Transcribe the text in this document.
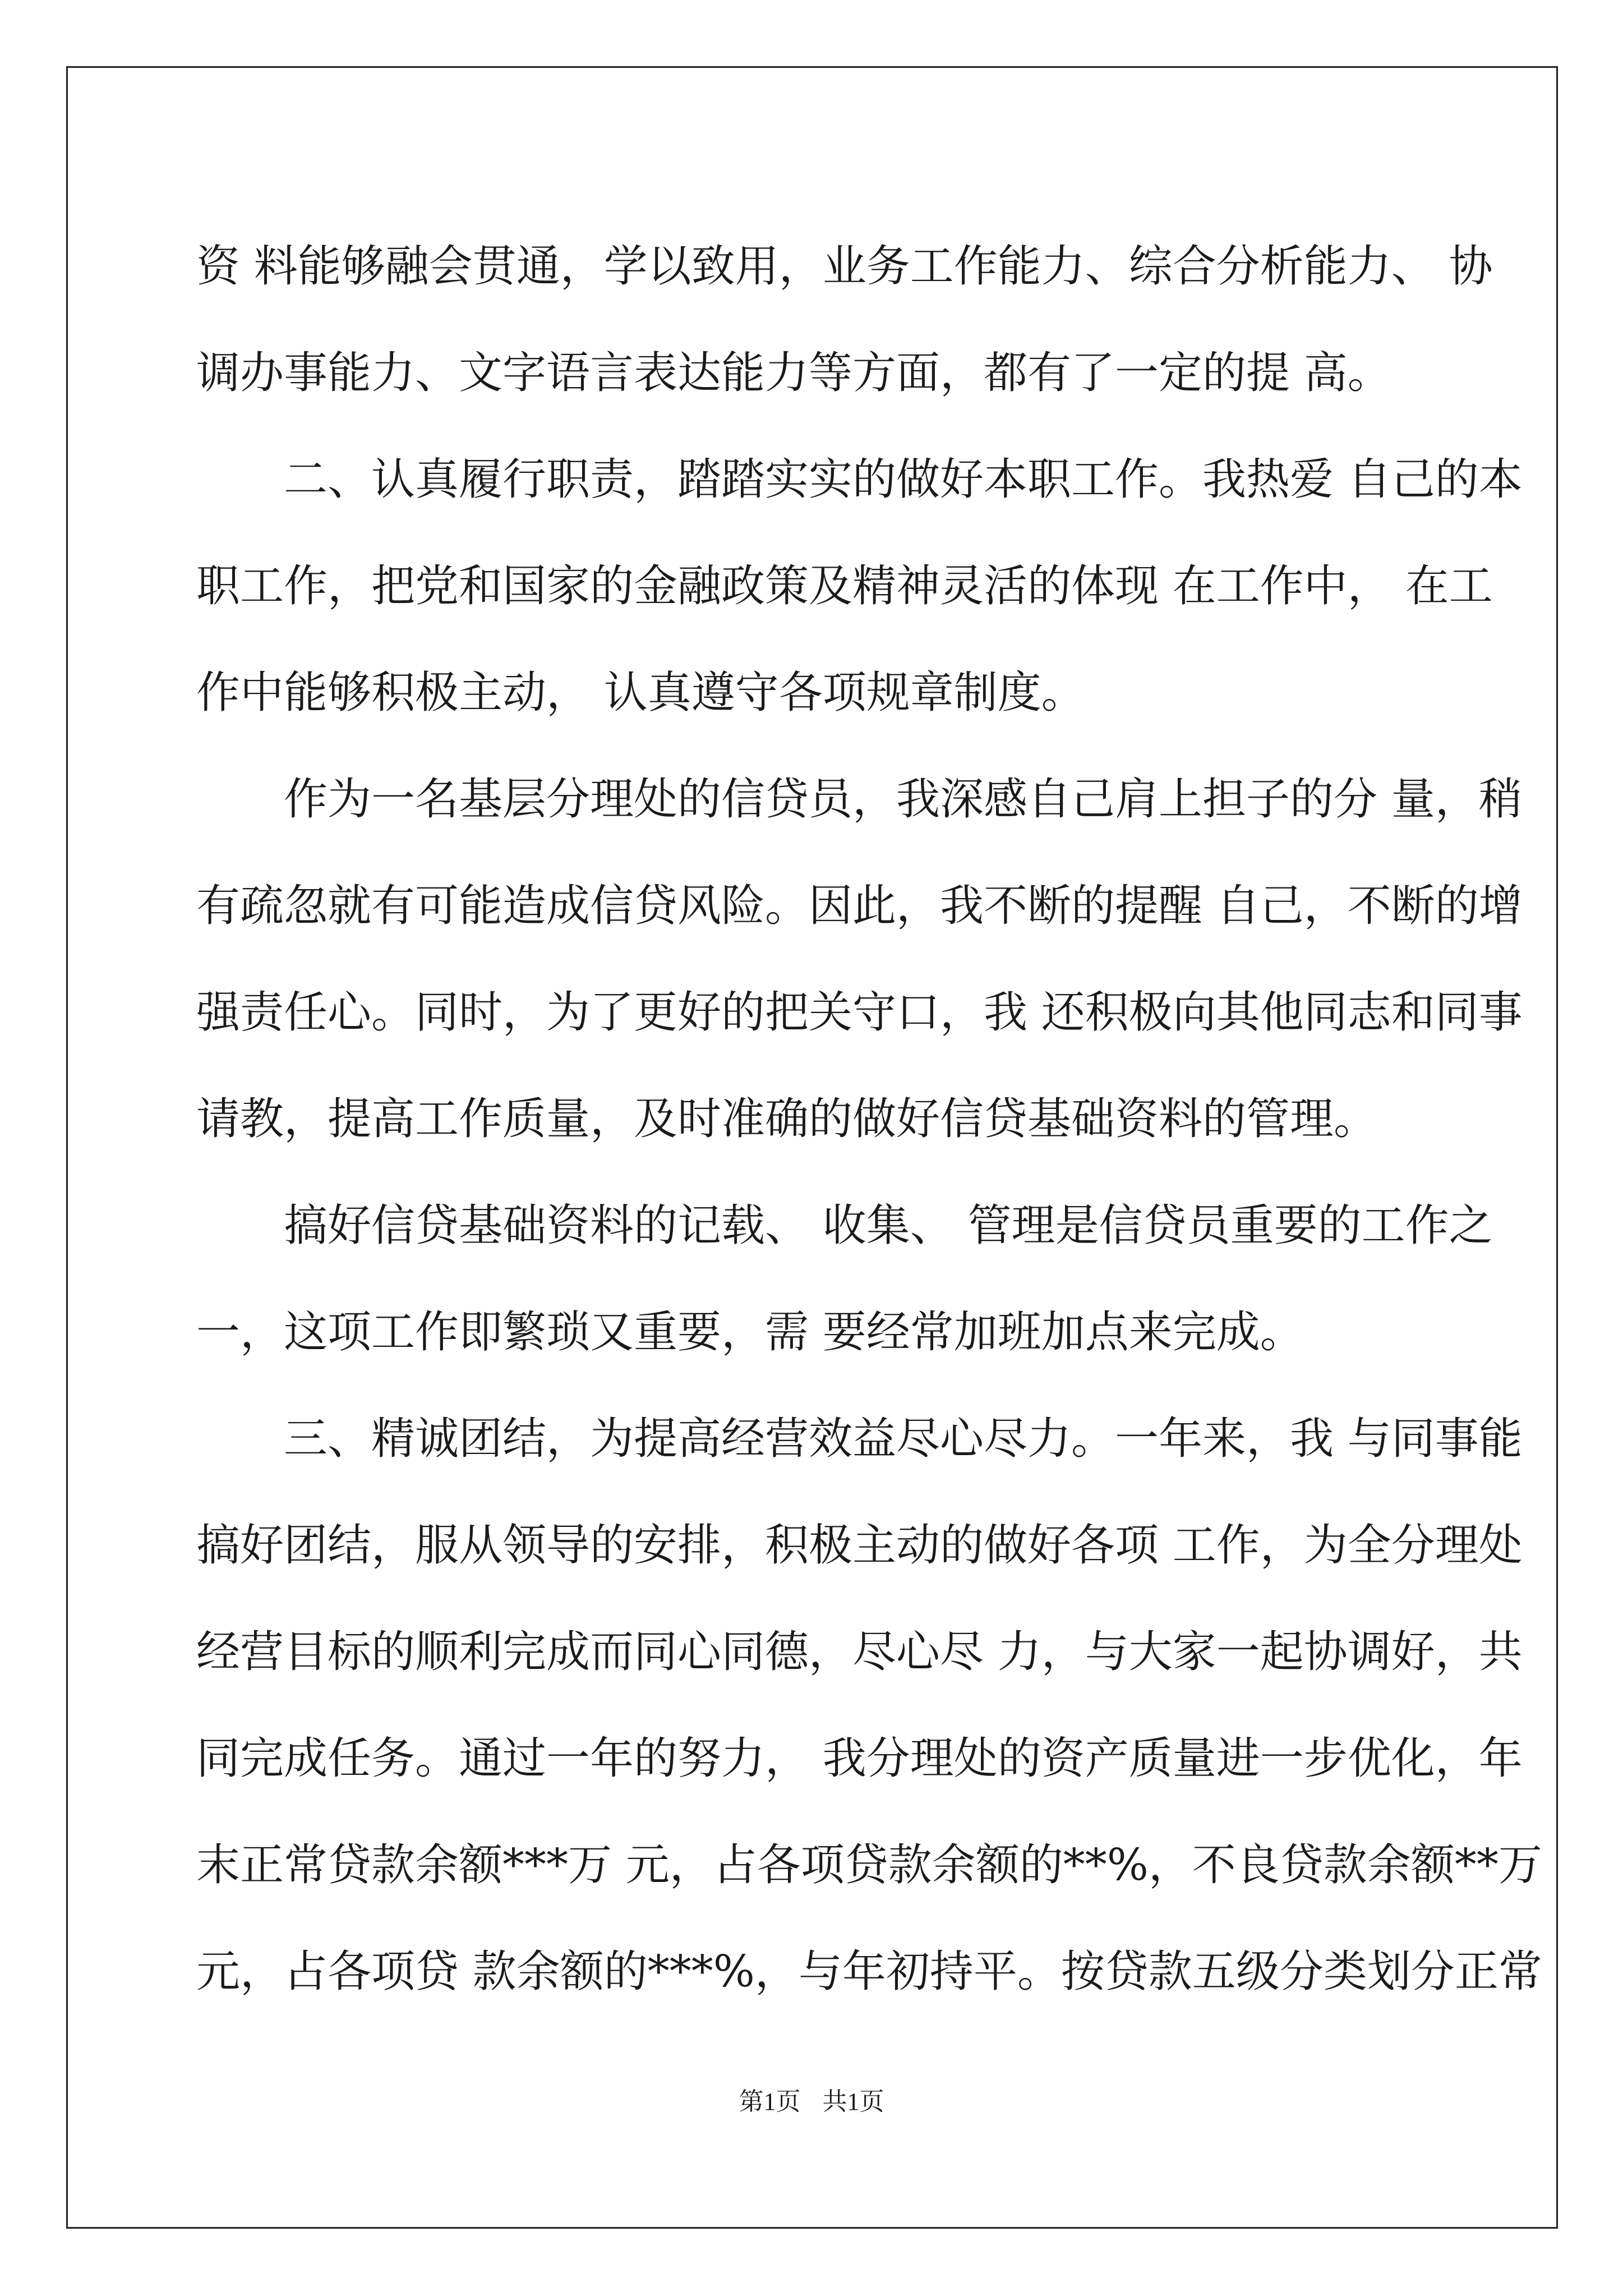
资 料能够融会贯通，学以致用，业务工作能力、综合分析能力、 协
调办事能力、文字语言表达能力等方面，都有了一定的提 高。
　　二、认真履行职责，踏踏实实的做好本职工作。我热爱 自己的本
职工作，把党和国家的金融政策及精神灵活的体现 在工作中， 在工
作中能够积极主动， 认真遵守各项规章制度。
　　作为一名基层分理处的信贷员，我深感自己肩上担子的分 量，稍
有疏忽就有可能造成信贷风险。因此，我不断的提醒 自己，不断的增
强责任心。同时，为了更好的把关守口，我 还积极向其他同志和同事
请教，提高工作质量，及时准确的做好信贷基础资料的管理。
　　搞好信贷基础资料的记载、 收集、 管理是信贷员重要的工作之
一，这项工作即繁琐又重要，需 要经常加班加点来完成。
　　三、精诚团结，为提高经营效益尽心尽力。一年来，我 与同事能
搞好团结，服从领导的安排，积极主动的做好各项 工作，为全分理处
经营目标的顺利完成而同心同德，尽心尽 力，与大家一起协调好，共
同完成任务。通过一年的努力， 我分理处的资产质量进一步优化，年
末正常贷款余额***万 元，占各项贷款余额的**%，不良贷款余额**万
元，占各项贷 款余额的***%，与年初持平。按贷款五级分类划分正常
第1页 共1页
